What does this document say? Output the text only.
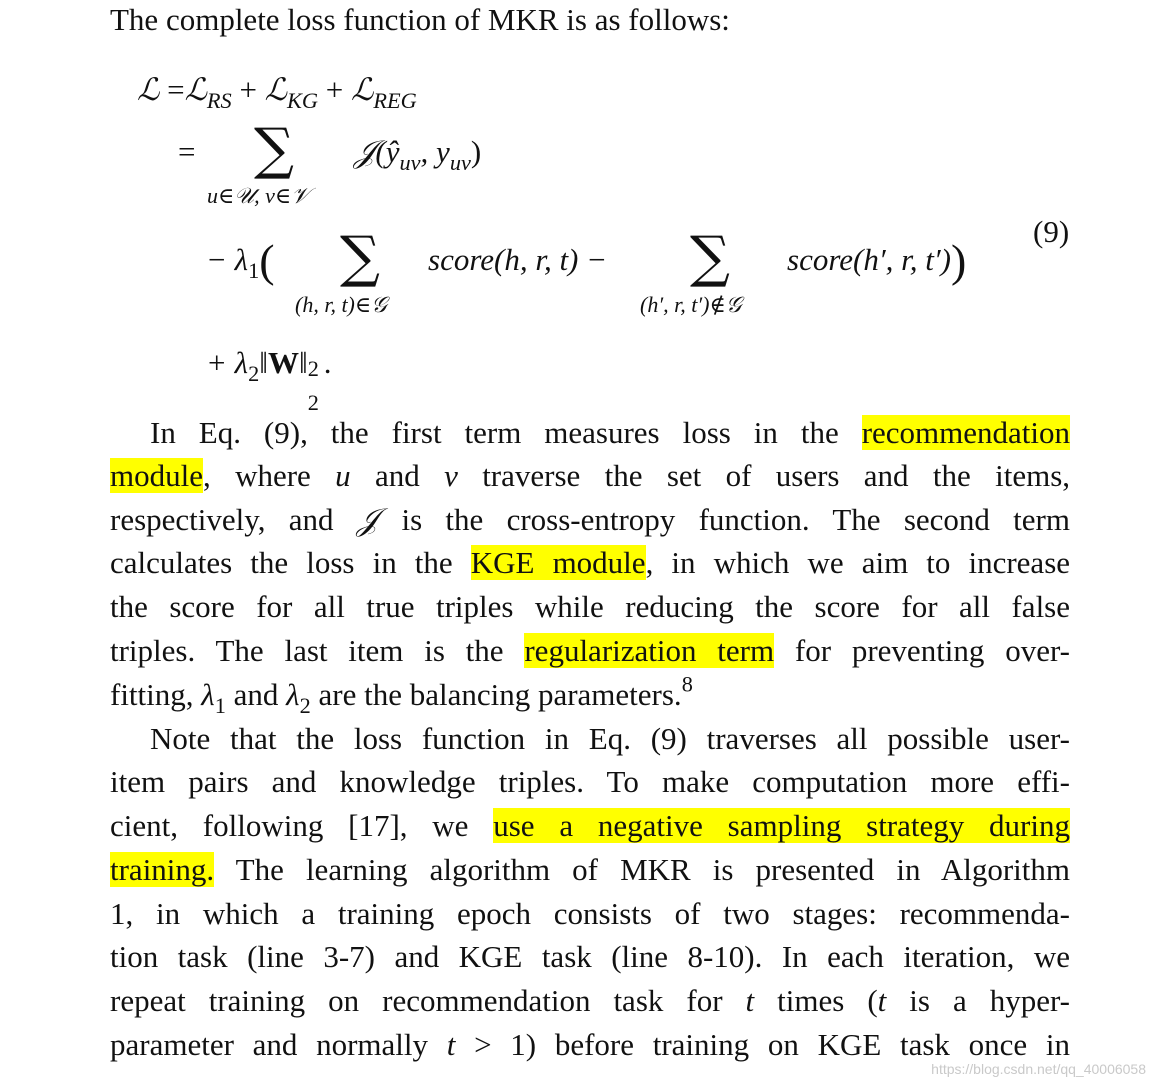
The complete loss function of MKR is as follows:
ℒ =ℒ$_{RS}$ + ℒ$_{KG}$ + ℒ$_{REG}$
= ∑
u∈𝒰, v∈𝒱
$𝒥(ŷ_{uv}$, $y_{uv}$)
− $\lambda_1$( ∑
(h, r, t)∈𝒢
score(h, r, t) − ∑
(h′, r, t′)∉𝒢
score(h′, r, t′))
+ $\lambda_2‖W‖$ 2
2
.
(9)
In Eq. (9), the first term measures loss in the recommendation
module, where u and v traverse the set of users and the items,
respectively, and 𝒥 is the cross-entropy function. The second term
calculates the loss in the KGE module, in which we aim to increase
the score for all true triples while reducing the score for all false
triples. The last item is the regularization term for preventing over-
fitting, $\lambda_1$ and $\lambda_2$ are the balancing parameters.$^8$
Note that the loss function in Eq. (9) traverses all possible user-
item pairs and knowledge triples. To make computation more effi-
cient, following [17], we use a negative sampling strategy during
training. The learning algorithm of MKR is presented in Algorithm
1, in which a training epoch consists of two stages: recommenda-
tion task (line 3-7) and KGE task (line 8-10). In each iteration, we
repeat training on recommendation task for t times (t is a hyper-
parameter and normally t > 1) before training on KGE task once in
https://blog.csdn.net/qq_40006058
